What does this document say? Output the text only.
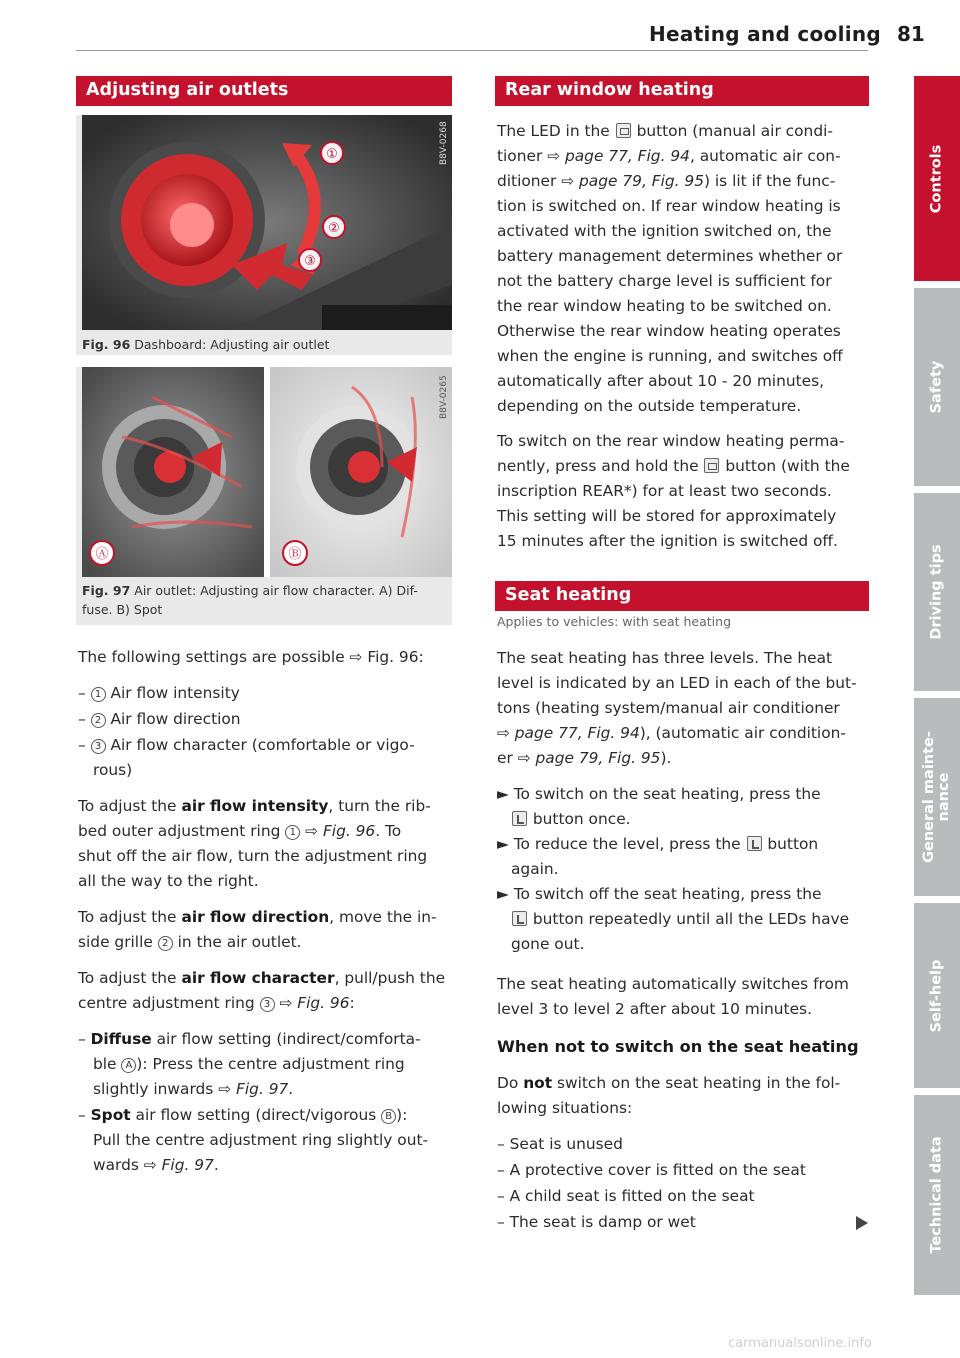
Heating and cooling 81
Adjusting air outlets
①
②
③
B8V-0268
Fig. 96 Dashboard: Adjusting air outlet
Ⓐ	Ⓑ
B8V-0265
Fig. 97 Air outlet: Adjusting air flow character. A) Dif-
fuse. B) Spot
The following settings are possible ⇨ Fig. 96:
– 1 Air flow intensity
– 2 Air flow direction
– 3 Air flow character (comfortable or vigo-
rous)
To adjust the air flow intensity, turn the rib-
bed outer adjustment ring 1 ⇨ Fig. 96. To
shut off the air flow, turn the adjustment ring
all the way to the right.
To adjust the air flow direction, move the in-
side grille 2 in the air outlet.
To adjust the air flow character, pull/push the
centre adjustment ring 3 ⇨ Fig. 96:
– Diffuse air flow setting (indirect/comforta-
ble A ): Press the centre adjustment ring
slightly inwards ⇨ Fig. 97.
– Spot air flow setting (direct/vigorous B ):
Pull the centre adjustment ring slightly out-
wards ⇨ Fig. 97.
Rear window heating
The LED in the button (manual air condi-
tioner ⇨ page 77, Fig. 94, automatic air con-
ditioner ⇨ page 79, Fig. 95) is lit if the func-
tion is switched on. If rear window heating is
activated with the ignition switched on, the
battery management determines whether or
not the battery charge level is sufficient for
the rear window heating to be switched on.
Otherwise the rear window heating operates
when the engine is running, and switches off
automatically after about 10 - 20 minutes,
depending on the outside temperature.
To switch on the rear window heating perma-
nently, press and hold the button (with the
inscription REAR*) for at least two seconds.
This setting will be stored for approximately
15 minutes after the ignition is switched off.
Seat heating
Applies to vehicles: with seat heating
The seat heating has three levels. The heat
level is indicated by an LED in each of the but-
tons (heating system/manual air conditioner
⇨ page 77, Fig. 94), (automatic air condition-
er ⇨ page 79, Fig. 95).
► To switch on the seat heating, press the
button once.
► To reduce the level, press the button
again.
► To switch off the seat heating, press the
button repeatedly until all the LEDs have
gone out.
The seat heating automatically switches from
level 3 to level 2 after about 10 minutes.
When not to switch on the seat heating
Do not switch on the seat heating in the fol-
lowing situations:
– Seat is unused
– A protective cover is fitted on the seat
– A child seat is fitted on the seat
– The seat is damp or wet
Controls
Safety
Driving tips
General mainte-
nance
Self-help
Technical data
carmanualsonline.info
